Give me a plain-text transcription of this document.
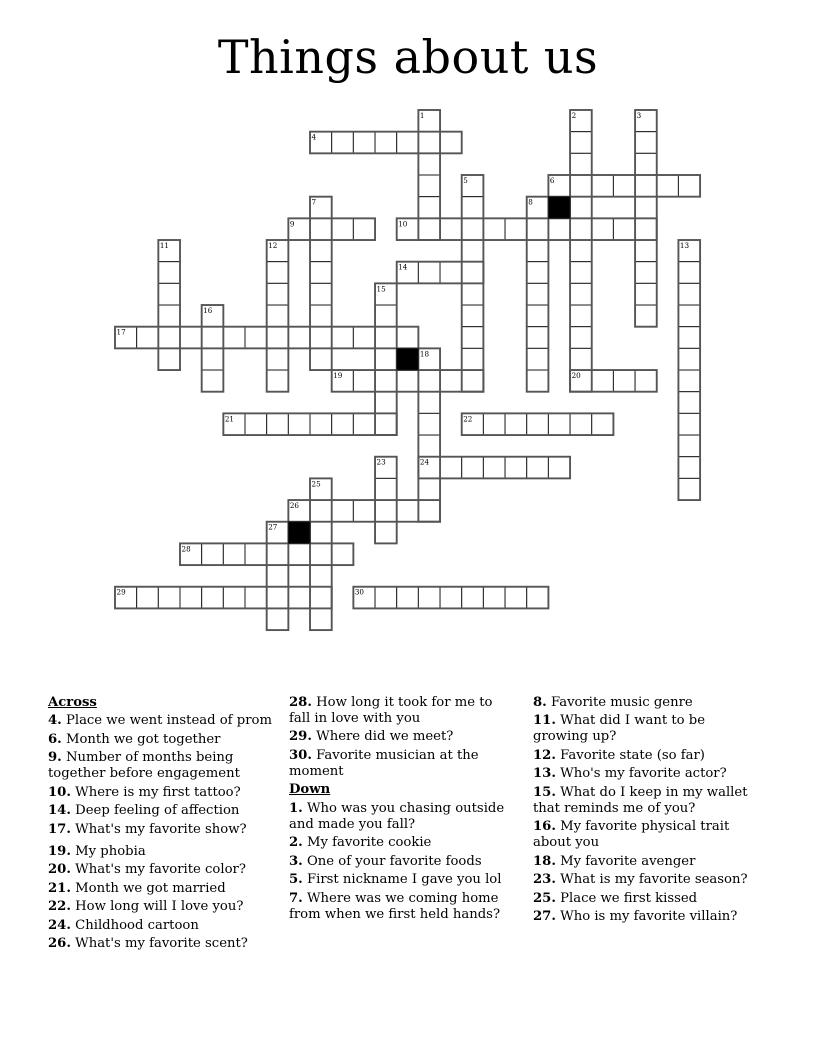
Things about us
1	2	3
4
5	6
7	8
9	10
11	12	13
14
15
16
17
18
19	20
21	22
23	24
25
26
27
28
29	30

Across

4. Place we went instead of prom

6. Month we got together

9. Number of months being together before engagement

10. Where is my first tattoo?

14. Deep feeling of affection

17. What's my favorite show?

19. My phobia

20. What's my favorite color?

21. Month we got married

22. How long will I love you?

24. Childhood cartoon

26. What's my favorite scent?

28. How long it took for me to fall in love with you

29. Where did we meet?

30. Favorite musician at the moment

Down

1. Who was you chasing outside and made you fall?

2. My favorite cookie

3. One of your favorite foods

5. First nickname I gave you lol

7. Where was we coming home from when we first held hands?

8. Favorite music genre

11. What did I want to be growing up?

12. Favorite state (so far)

13. Who's my favorite actor?

15. What do I keep in my wallet that reminds me of you?

16. My favorite physical trait about you

18. My favorite avenger

23. What is my favorite season?

25. Place we first kissed

27. Who is my favorite villain?
